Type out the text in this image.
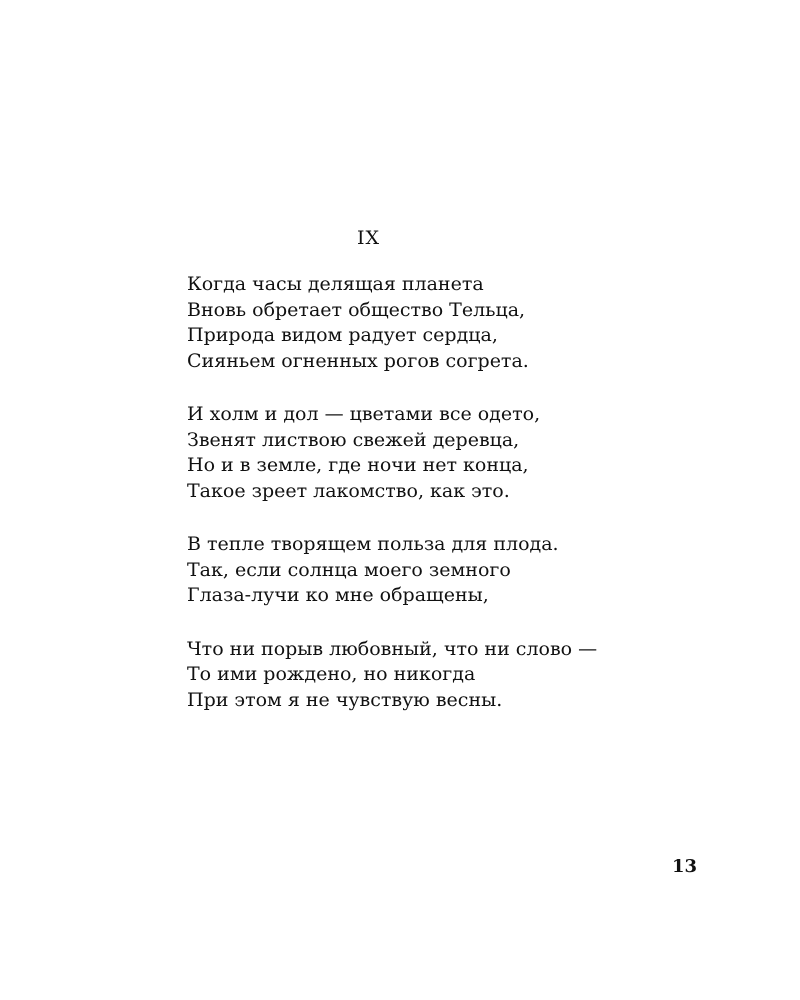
IX
Когда часы делящая планета
Вновь обретает общество Тельца,
Природа видом радует сердца,
Сияньем огненных рогов согрета.
И холм и дол — цветами все одето,
Звенят листвою свежей деревца,
Но и в земле, где ночи нет конца,
Такое зреет лакомство, как это.
В тепле творящем польза для плода.
Так, если солнца моего земного
Глаза-лучи ко мне обращены,
Что ни порыв любовный, что ни слово —
То ими рождено, но никогда
При этом я не чувствую весны.

13
